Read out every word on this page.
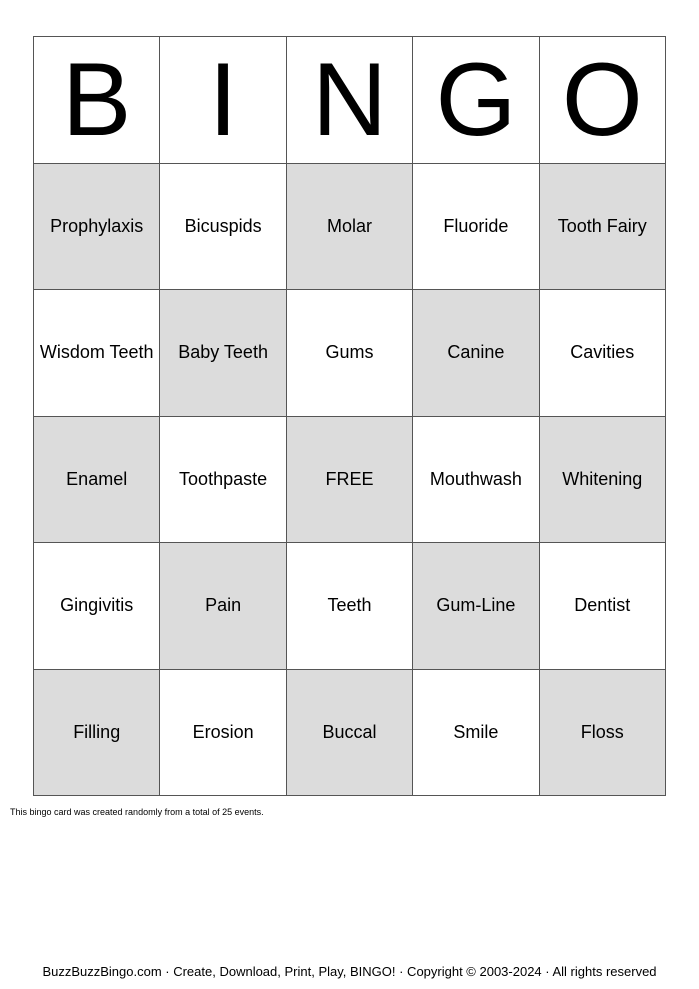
B I N G O
Prophylaxis	Bicuspids	Molar	Fluoride	Tooth Fairy
Wisdom Teeth	Baby Teeth	Gums	Canine	Cavities
Enamel	Toothpaste	FREE	Mouthwash	Whitening
Gingivitis	Pain	Teeth	Gum-Line	Dentist
Filling	Erosion	Buccal	Smile	Floss
This bingo card was created randomly from a total of 25 events.
BuzzBuzzBingo.com · Create, Download, Print, Play, BINGO! · Copyright © 2003-2024 · All rights reserved
